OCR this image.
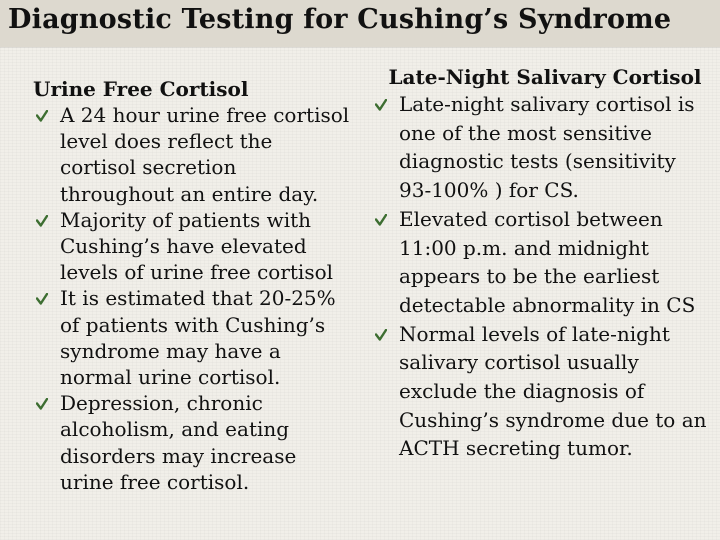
Diagnostic Testing for Cushing’s Syndrome
Urine Free Cortisol
A 24 hour urine free cortisol
level does reflect the
cortisol secretion
throughout an entire day.
Majority of patients with
Cushing’s have elevated
levels of urine free cortisol
It is estimated that 20-25%
of patients with Cushing’s
syndrome may have a
normal urine cortisol.
Depression, chronic
alcoholism, and eating
disorders may increase
urine free cortisol.
Late-Night Salivary Cortisol
Late-night salivary cortisol is
one of the most sensitive
diagnostic tests (sensitivity
93-100% ) for CS.
Elevated cortisol between
11:00 p.m. and midnight
appears to be the earliest
detectable abnormality in CS
Normal levels of late-night
salivary cortisol usually
exclude the diagnosis of
Cushing’s syndrome due to an
ACTH secreting tumor.
